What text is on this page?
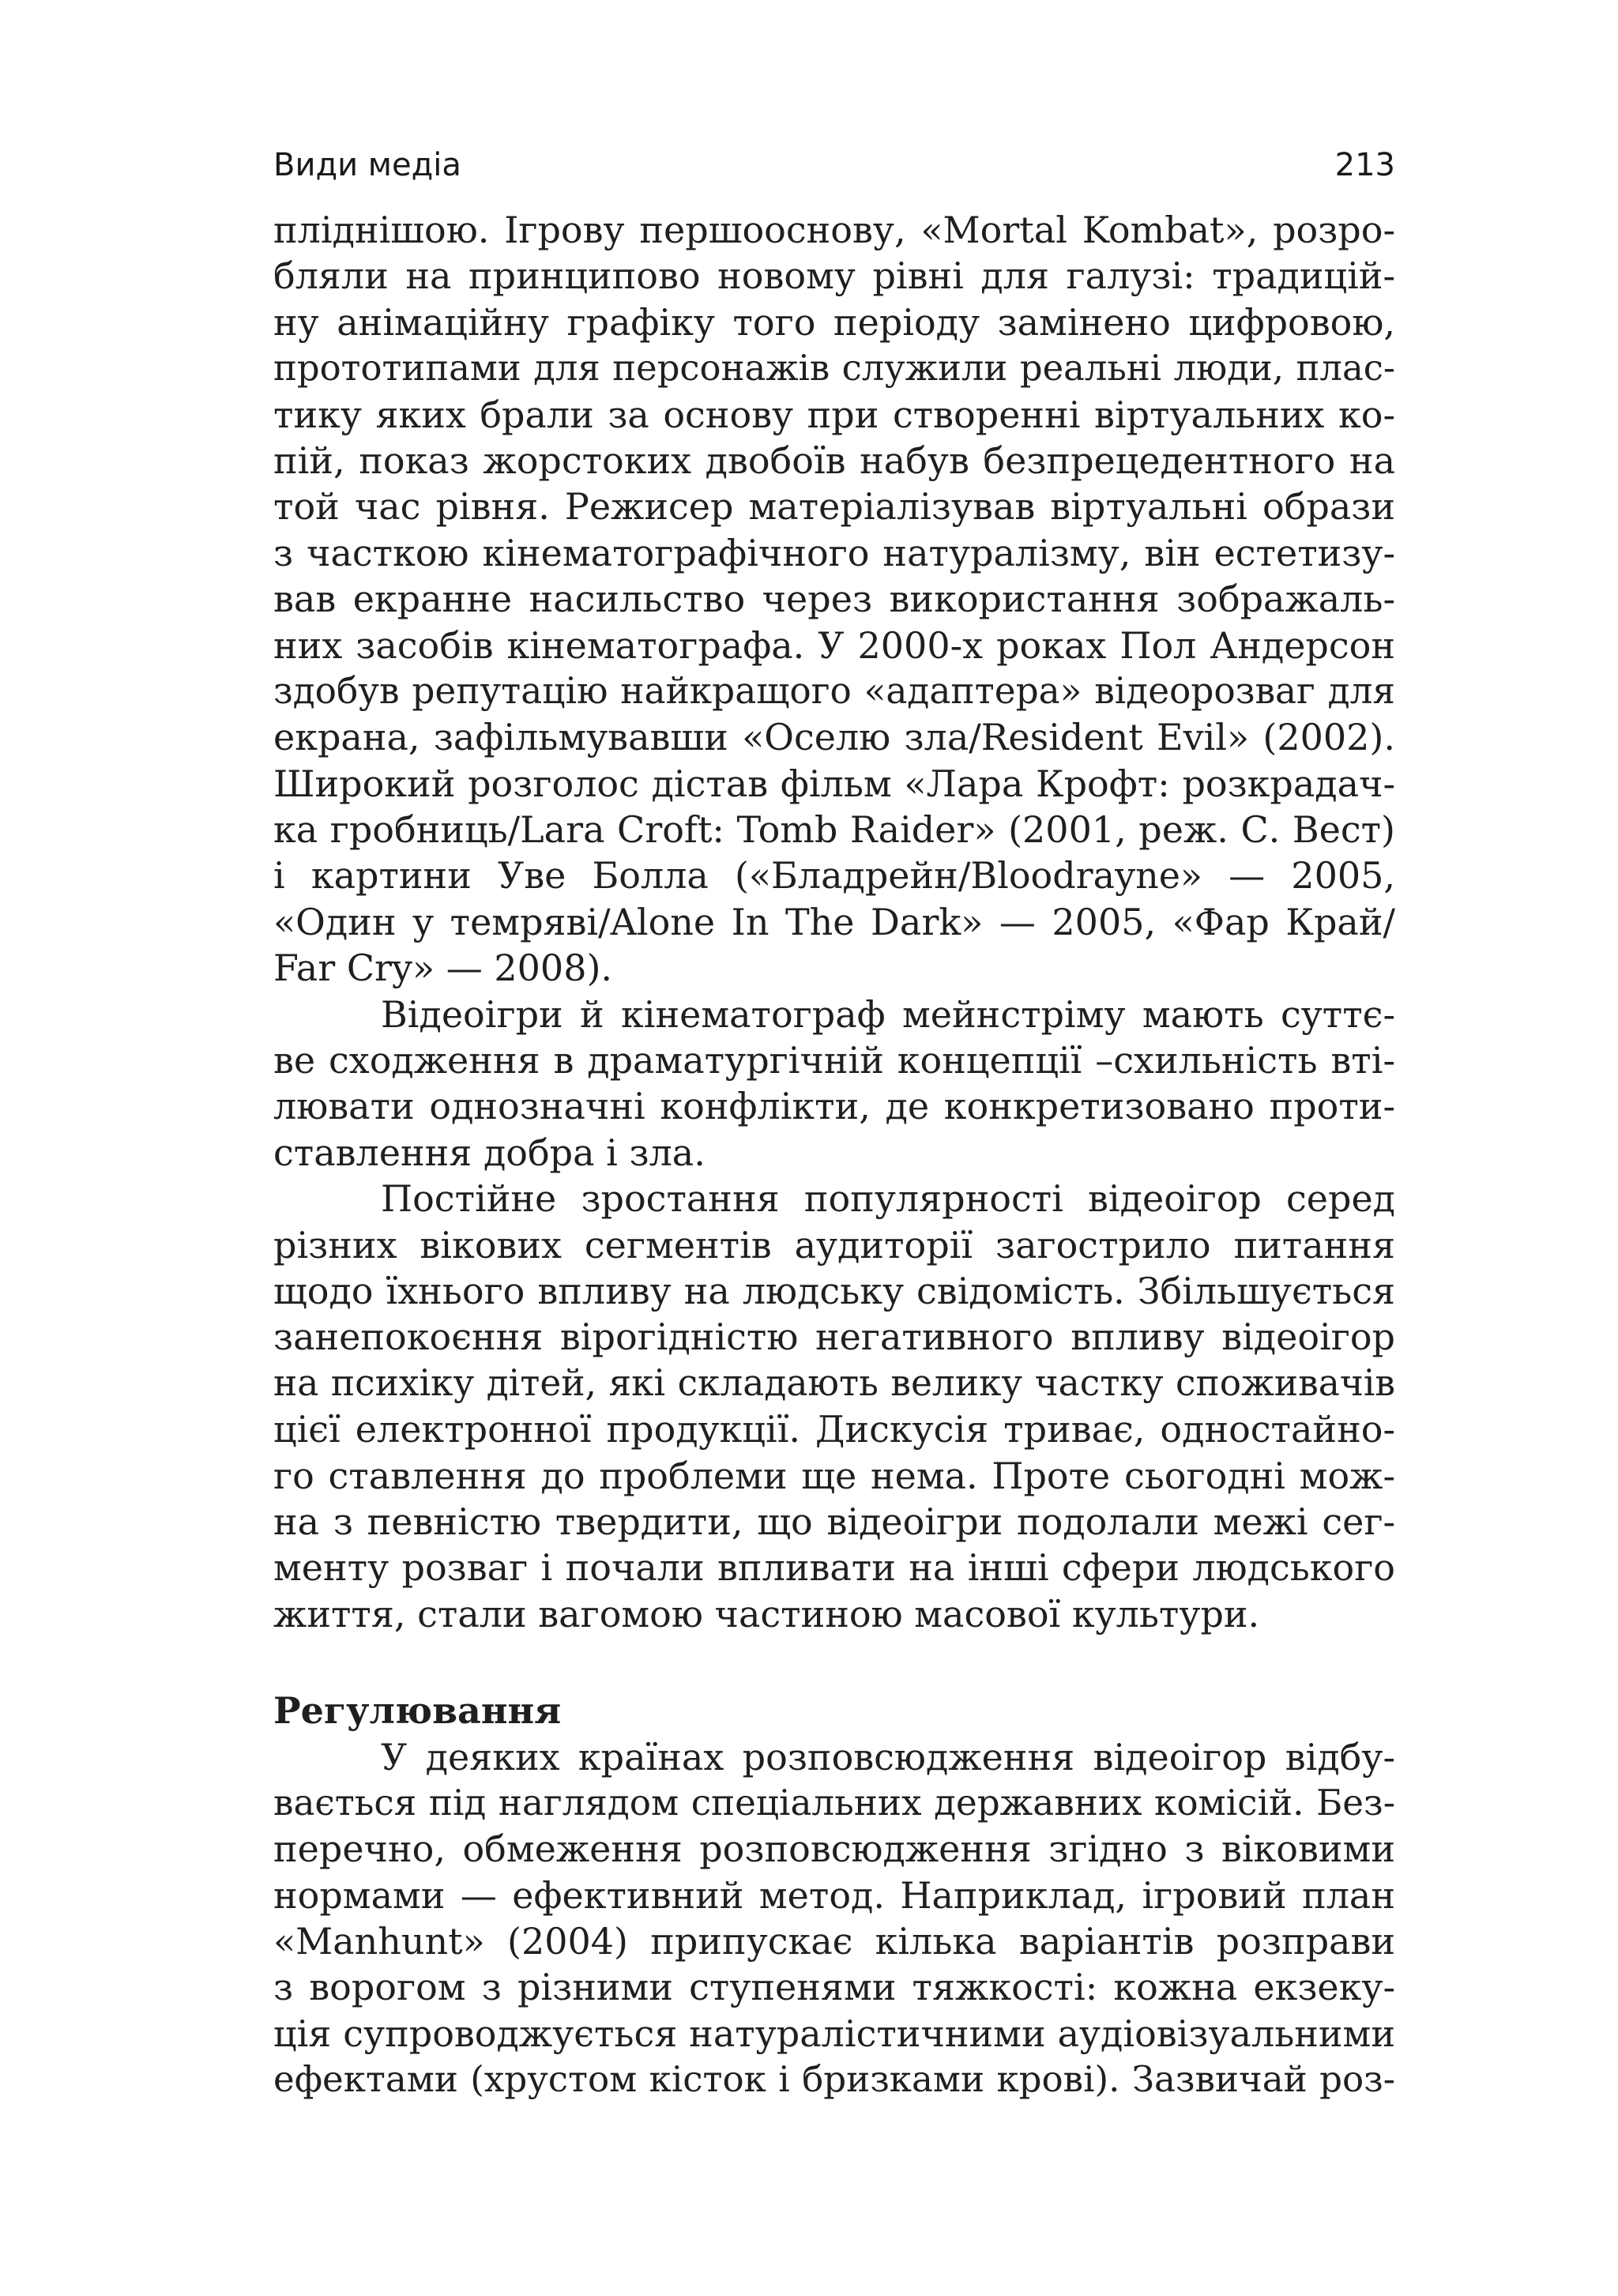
Види медіа	213
пліднішою. Ігрову першооснову, «Mortal Kombat», розро-
бляли на принципово новому рівні для галузі: традицій-
ну анімаційну графіку того періоду замінено цифровою,
прототипами для персонажів служили реальні люди, плас-
тику яких брали за основу при створенні віртуальних ко-
пій, показ жорстоких двобоїв набув безпрецедентного на
той час рівня. Режисер матеріалізував віртуальні образи
з часткою кінематографічного натуралізму, він естетизу-
вав екранне насильство через використання зображаль-
них засобів кінематографа. У 2000-х роках Пол Андерсон
здобув репутацію найкращого «адаптера» відеорозваг для
екрана, зафільмувавши «Оселю зла/Resident Evil» (2002).
Широкий розголос дістав фільм «Лара Крофт: розкрадач-
ка гробниць/Lara Croft: Tomb Raider» (2001, реж. С. Вест)
і картини Уве Болла («Бладрейн/Bloodrayne» — 2005,
«Один у темряві/Alone In The Dark» — 2005, «Фар Край/
Far Cry» — 2008).
Відеоігри й кінематограф мейнстріму мають суттє-
ве сходження в драматургічній концепції –схильність вті-
лювати однозначні конфлікти, де конкретизовано проти-
ставлення добра і зла.
Постійне зростання популярності відеоігор серед
різних вікових сегментів аудиторії загострило питання
щодо їхнього впливу на людську свідомість. Збільшується
занепокоєння вірогідністю негативного впливу відеоігор
на психіку дітей, які складають велику частку споживачів
цієї електронної продукції. Дискусія триває, одностайно-
го ставлення до проблеми ще нема. Проте сьогодні мож-
на з певністю твердити, що відеоігри подолали межі сег-
менту розваг і почали впливати на інші сфери людського
життя, стали вагомою частиною масової культури.
Регулювання
У деяких країнах розповсюдження відеоігор відбу-
вається під наглядом спеціальних державних комісій. Без-
перечно, обмеження розповсюдження згідно з віковими
нормами — ефективний метод. Наприклад, ігровий план
«Manhunt» (2004) припускає кілька варіантів розправи
з ворогом з різними ступенями тяжкості: кожна екзеку-
ція супроводжується натуралістичними аудіовізуальними
ефектами (хрустом кісток і бризками крові). Зазвичай роз-
